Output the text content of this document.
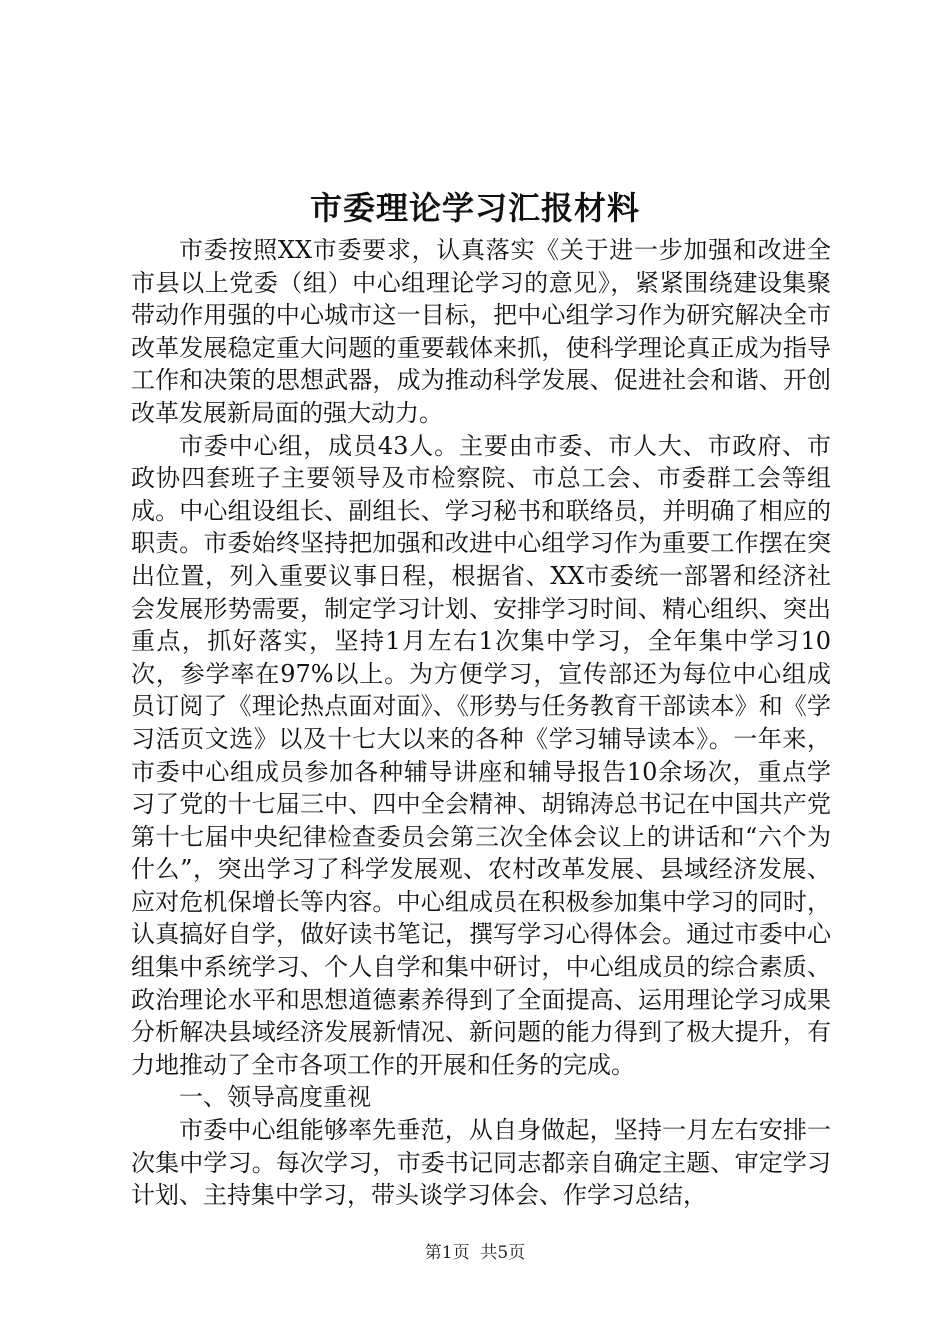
市委理论学习汇报材料

市委按照XX市委要求，认真落实《关于进一步加强和改进全市县以上党委（组）中心组理论学习的意见》，紧紧围绕建设集聚带动作用强的中心城市这一目标，把中心组学习作为研究解决全市改革发展稳定重大问题的重要载体来抓，使科学理论真正成为指导工作和决策的思想武器，成为推动科学发展、促进社会和谐、开创改革发展新局面的强大动力。

市委中心组，成员43人。主要由市委、市人大、市政府、市政协四套班子主要领导及市检察院、市总工会、市委群工会等组成。中心组设组长、副组长、学习秘书和联络员，并明确了相应的职责。市委始终坚持把加强和改进中心组学习作为重要工作摆在突出位置，列入重要议事日程，根据省、XX市委统一部署和经济社会发展形势需要，制定学习计划、安排学习时间、精心组织、突出重点，抓好落实，坚持1月左右1次集中学习，全年集中学习10次，参学率在97%以上。为方便学习，宣传部还为每位中心组成员订阅了《理论热点面对面》、《形势与任务教育干部读本》和《学习活页文选》以及十七大以来的各种《学习辅导读本》。一年来，市委中心组成员参加各种辅导讲座和辅导报告10余场次，重点学习了党的十七届三中、四中全会精神、胡锦涛总书记在中国共产党第十七届中央纪律检查委员会第三次全体会议上的讲话和“六个为什么”，突出学习了科学发展观、农村改革发展、县域经济发展、应对危机保增长等内容。中心组成员在积极参加集中学习的同时，认真搞好自学，做好读书笔记，撰写学习心得体会。通过市委中心组集中系统学习、个人自学和集中研讨，中心组成员的综合素质、政治理论水平和思想道德素养得到了全面提高、运用理论学习成果分析解决县域经济发展新情况、新问题的能力得到了极大提升，有力地推动了全市各项工作的开展和任务的完成。

一、领导高度重视

市委中心组能够率先垂范，从自身做起，坚持一月左右安排一次集中学习。每次学习，市委书记同志都亲自确定主题、审定学习计划、主持集中学习，带头谈学习体会、作学习总结，

第1页 共5页
